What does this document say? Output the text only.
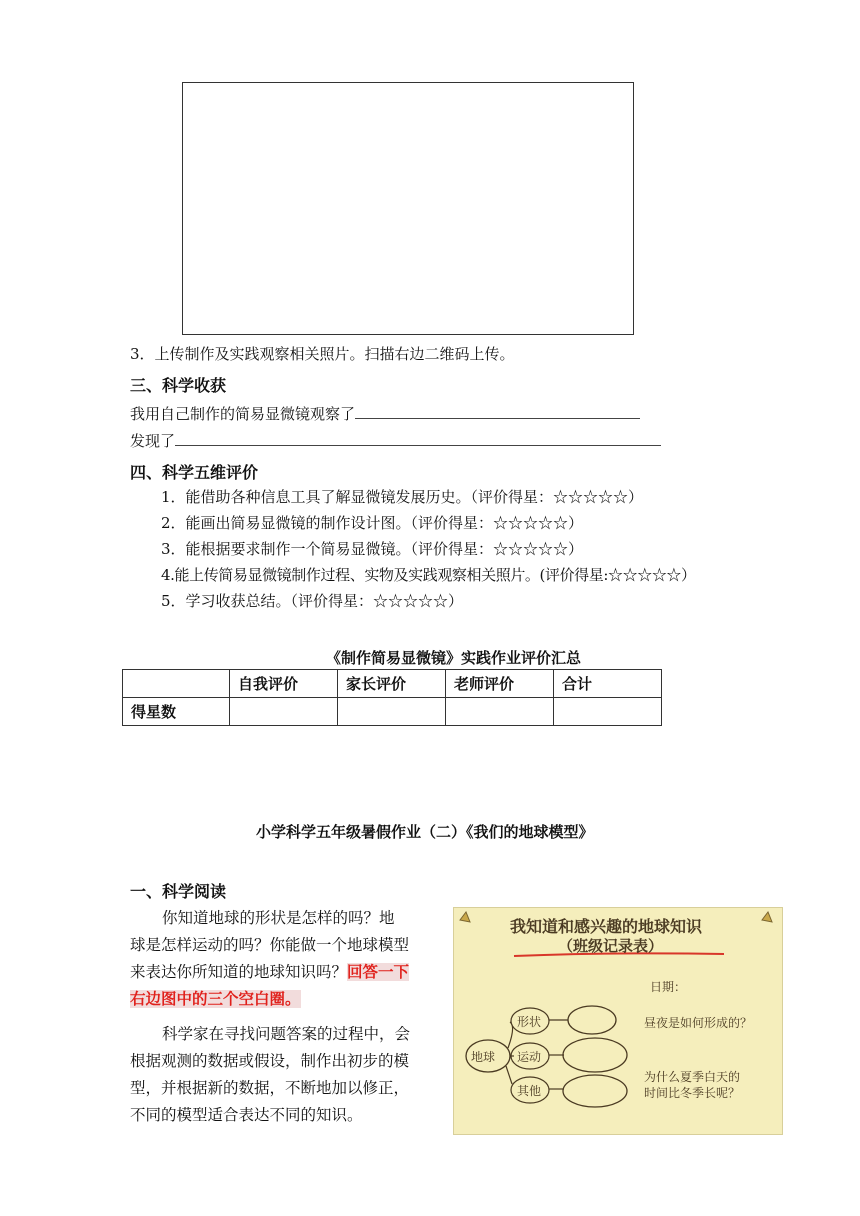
3．上传制作及实践观察相关照片。扫描右边二维码上传。
三、科学收获
我用自己制作的简易显微镜观察了
发现了
四、科学五维评价
1．能借助各种信息工具了解显微镜发展历史。（评价得星：☆☆☆☆☆）
2．能画出简易显微镜的制作设计图。（评价得星：☆☆☆☆☆）
3．能根据要求制作一个简易显微镜。（评价得星：☆☆☆☆☆）
4.能上传简易显微镜制作过程、实物及实践观察相关照片。(评价得星:☆☆☆☆☆）
5．学习收获总结。（评价得星：☆☆☆☆☆）
《制作简易显微镜》实践作业评价汇总
	自我评价	家长评价	老师评价	合计
得星数				
小学科学五年级暑假作业（二）《我们的地球模型》
一、科学阅读
你知道地球的形状是怎样的吗？地
球是怎样运动的吗？你能做一个地球模型
来表达你所知道的地球知识吗？回答一下
右边图中的三个空白圈。
科学家在寻找问题答案的过程中，会
根据观测的数据或假设，制作出初步的模
型，并根据新的数据，不断地加以修正，
不同的模型适合表达不同的知识。
我知道和感兴趣的地球知识
（班级记录表）
日期：
地球
形状
运动
其他
昼夜是如何形成的？
为什么夏季白天的
时间比冬季长呢？
